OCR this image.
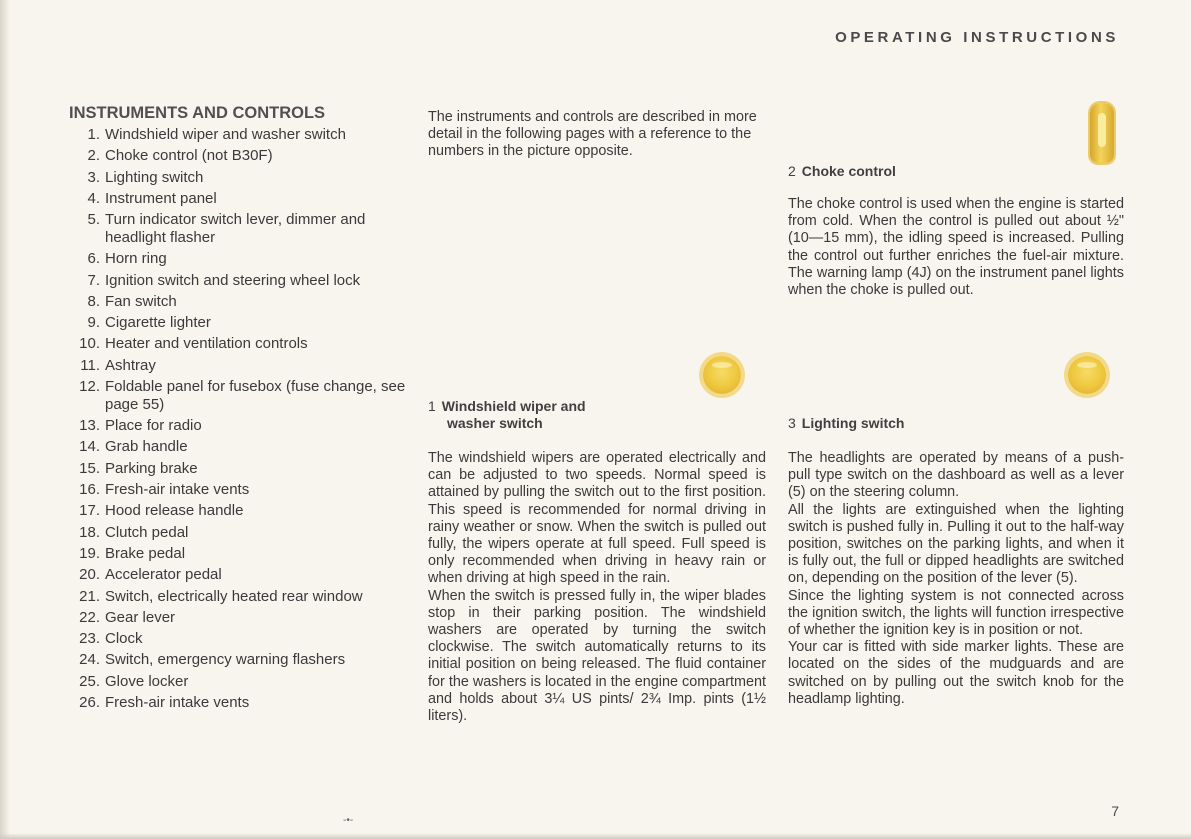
OPERATING INSTRUCTIONS
INSTRUMENTS AND CONTROLS
1. Windshield wiper and washer switch
2. Choke control (not B30F)
3. Lighting switch
4. Instrument panel
5. Turn indicator switch lever, dimmer and headlight flasher
6. Horn ring
7. Ignition switch and steering wheel lock
8. Fan switch
9. Cigarette lighter
10. Heater and ventilation controls
11. Ashtray
12. Foldable panel for fusebox (fuse change, see page 55)
13. Place for radio
14. Grab handle
15. Parking brake
16. Fresh-air intake vents
17. Hood release handle
18. Clutch pedal
19. Brake pedal
20. Accelerator pedal
21. Switch, electrically heated rear window
22. Gear lever
23. Clock
24. Switch, emergency warning flashers
25. Glove locker
26. Fresh-air intake vents

The instruments and controls are described in more detail in the following pages with a reference to the numbers in the picture opposite.

1 Windshield wiper and
washer switch

The windshield wipers are operated electrically and can be adjusted to two speeds. Normal speed is attained by pulling the switch out to the first position. This speed is recommended for normal driving in rainy weather or snow. When the switch is pulled out fully, the wipers operate at full speed. Full speed is only recommended when driving in heavy rain or when driving at high speed in the rain.

When the switch is pressed fully in, the wiper blades stop in their parking position. The windshield washers are operated by turning the switch clockwise. The switch automatically returns to its initial position on being released. The fluid container for the washers is located in the engine compartment and holds about 3¼ US pints/ 2¾ Imp. pints (1½ liters).

2 Choke control

The choke control is used when the engine is started from cold. When the control is pulled out about ½" (10—15 mm), the idling speed is increased. Pulling the control out further enriches the fuel-air mixture. The warning lamp (4J) on the instrument panel lights when the choke is pulled out.

3 Lighting switch

The headlights are operated by means of a push-pull type switch on the dashboard as well as a lever (5) on the steering column.

All the lights are extinguished when the lighting switch is pushed fully in. Pulling it out to the half-way position, switches on the parking lights, and when it is fully out, the full or dipped headlights are switched on, depending on the position of the lever (5).

Since the lighting system is not connected across the ignition switch, the lights will function irrespective of whether the ignition key is in position or not.

Your car is fitted with side marker lights. These are located on the sides of the mudguards and are switched on by pulling out the switch knob for the headlamp lighting.

-•-
7
